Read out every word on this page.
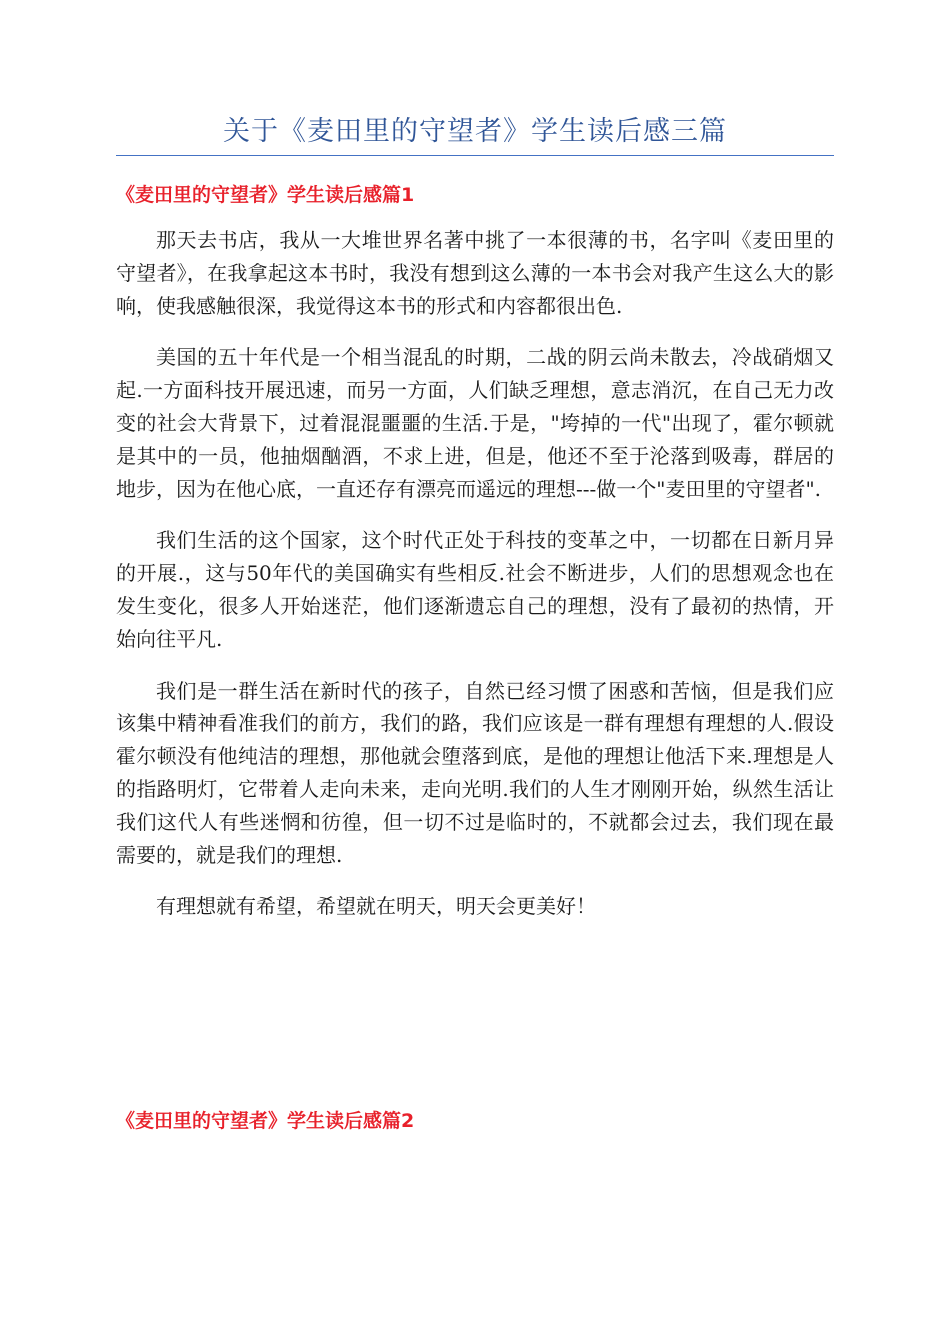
关于《麦田里的守望者》学生读后感三篇
《麦田里的守望者》学生读后感篇1

那天去书店，我从一大堆世界名著中挑了一本很薄的书，名字叫《麦田里的守望者》，在我拿起这本书时，我没有想到这么薄的一本书会对我产生这么大的影响，使我感触很深，我觉得这本书的形式和内容都很出色.

美国的五十年代是一个相当混乱的时期，二战的阴云尚未散去，冷战硝烟又起.一方面科技开展迅速，而另一方面，人们缺乏理想，意志消沉，在自己无力改变的社会大背景下，过着混混噩噩的生活.于是，"垮掉的一代"出现了，霍尔顿就是其中的一员，他抽烟酗酒，不求上进，但是，他还不至于沦落到吸毒，群居的地步，因为在他心底，一直还存有漂亮而遥远的理想---做一个"麦田里的守望者".

我们生活的这个国家，这个时代正处于科技的变革之中，一切都在日新月异的开展.，这与50年代的美国确实有些相反.社会不断进步，人们的思想观念也在发生变化，很多人开始迷茫，他们逐渐遗忘自己的理想，没有了最初的热情，开始向往平凡.

我们是一群生活在新时代的孩子，自然已经习惯了困惑和苦恼，但是我们应该集中精神看准我们的前方，我们的路，我们应该是一群有理想有理想的人.假设霍尔顿没有他纯洁的理想，那他就会堕落到底，是他的理想让他活下来.理想是人的指路明灯，它带着人走向未来，走向光明.我们的人生才刚刚开始，纵然生活让我们这代人有些迷惘和彷徨，但一切不过是临时的，不就都会过去，我们现在最需要的，就是我们的理想.

有理想就有希望，希望就在明天，明天会更美好！

《麦田里的守望者》学生读后感篇2
